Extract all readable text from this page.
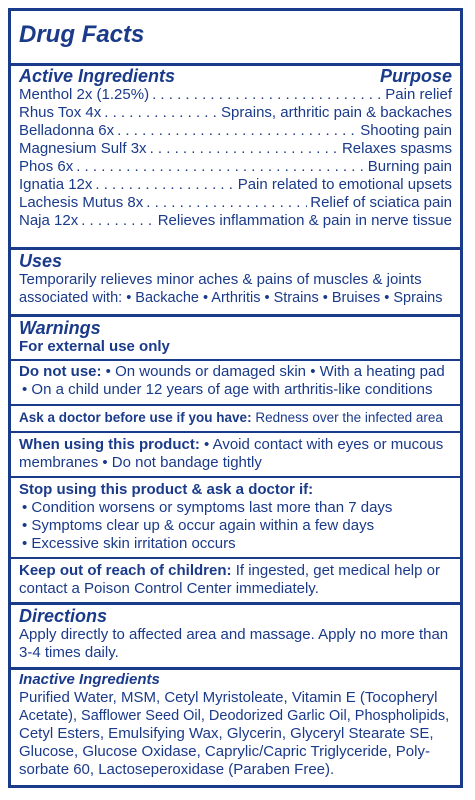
Drug Facts
Active Ingredients	Purpose
Menthol 2x (1.25%) . . .	Pain relief
Rhus Tox 4x . . .	Sprains, arthritic pain & backaches
Belladonna 6x . . .	Shooting pain
Magnesium Sulf 3x . . .	Relaxes spasms
Phos 6x . . .	Burning pain
Ignatia 12x . . .	Pain related to emotional upsets
Lachesis Mutus 8x . . .	Relief of sciatica pain
Naja 12x . . .	Relieves inflammation & pain in nerve tissue
Uses
Temporarily relieves minor aches & pains of muscles & joints
associated with: • Backache • Arthritis • Strains • Bruises • Sprains
Warnings
For external use only
Do not use: • On wounds or damaged skin • With a heating pad
• On a child under 12 years of age with arthritis-like conditions
Ask a doctor before use if you have: Redness over the infected area
When using this product: • Avoid contact with eyes or mucous
membranes • Do not bandage tightly
Stop using this product & ask a doctor if:
• Condition worsens or symptoms last more than 7 days
• Symptoms clear up & occur again within a few days
• Excessive skin irritation occurs
Keep out of reach of children: If ingested, get medical help or
contact a Poison Control Center immediately.
Directions
Apply directly to affected area and massage. Apply no more than
3-4 times daily.
Inactive Ingredients
Purified Water, MSM, Cetyl Myristoleate, Vitamin E (Tocopheryl
Acetate), Safflower Seed Oil, Deodorized Garlic Oil, Phospholipids,
Cetyl Esters, Emulsifying Wax, Glycerin, Glyceryl Stearate SE,
Glucose, Glucose Oxidase, Caprylic/Capric Triglyceride, Poly-
sorbate 60, Lactoseperoxidase (Paraben Free).
